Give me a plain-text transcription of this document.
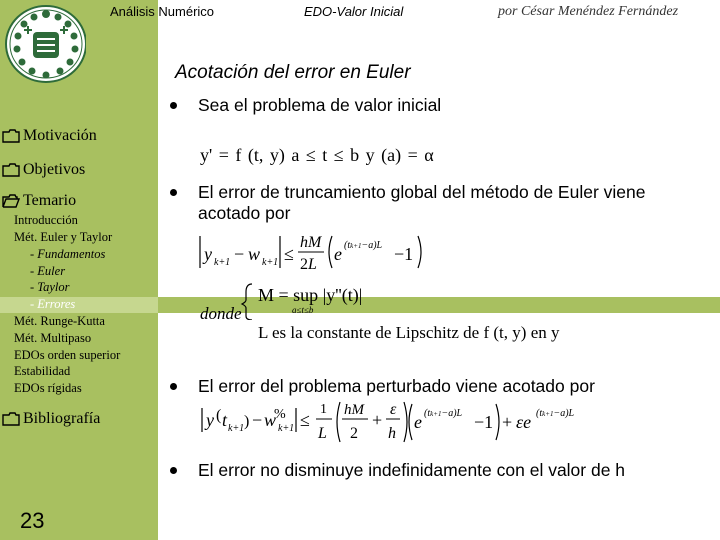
Análisis Numérico	EDO-Valor Inicial	por César Menéndez Fernández
Acotación del error en Euler
Motivación
Objetivos
Temario
Introducción
Mét. Euler y Taylor
- Fundamentos
- Euler
- Taylor
- Errores
Mét. Runge-Kutta
Mét. Multipaso
EDOs orden superior
Estabilidad
EDOs rígidas
Bibliografía
23
Sea el problema de valor inicial
y' = f (t, y) a ≤ t ≤ b y (a) = α
El error de truncamiento global del método de Euler viene acotado por
y k+1 − w k+1 ≤
hM
2L
e (tk+1−a)L −1
donde
M = sup |y''(t)|
a≤t≤b
L es la constante de Lipschitz de f (t, y) en y
El error del problema perturbado viene acotado por
y ( t k+1 ) − w
%
k+1 ≤
1
L
hM
2
+
ε
h
e (tk+1−a)L −1 + εe (tk+1−a)L
El error no disminuye indefinidamente con el valor de h
